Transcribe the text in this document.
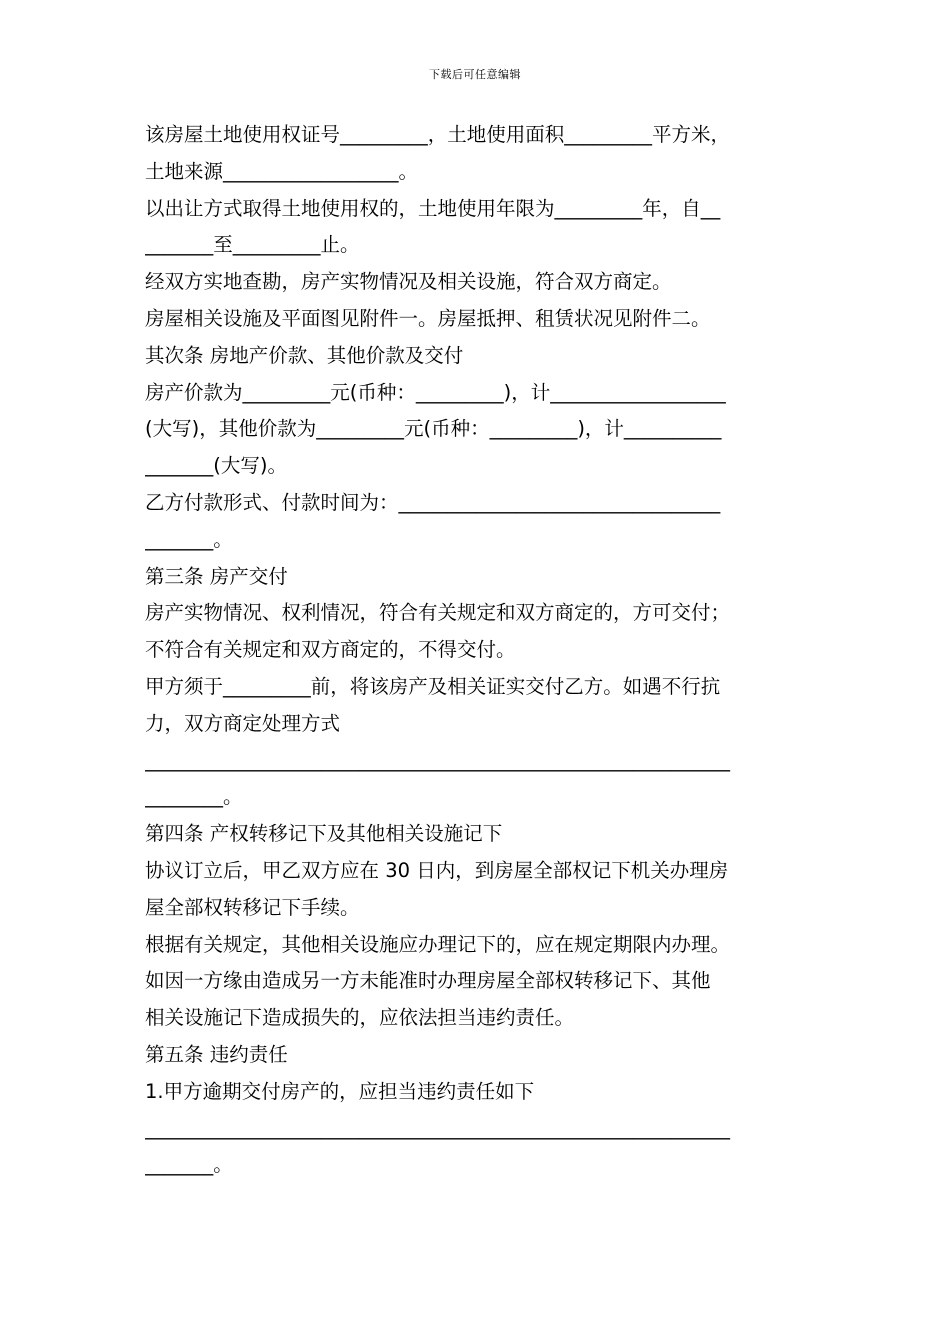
下载后可任意编辑
该房屋土地使用权证号_________，土地使用面积_________平方米，
土地来源__________________。
以出让方式取得土地使用权的，土地使用年限为_________年，自__
_______至_________止。
经双方实地查勘，房产实物情况及相关设施，符合双方商定。
房屋相关设施及平面图见附件一。房屋抵押、租赁状况见附件二。
其次条 房地产价款、其他价款及交付
房产价款为_________元(币种：_________)，计__________________
(大写)，其他价款为_________元(币种：_________)，计__________
_______(大写)。
乙方付款形式、付款时间为：_________________________________
_______。
第三条 房产交付
房产实物情况、权利情况，符合有关规定和双方商定的，方可交付；
不符合有关规定和双方商定的，不得交付。
甲方须于_________前，将该房产及相关证实交付乙方。如遇不行抗
力，双方商定处理方式
____________________________________________________________
________。
第四条 产权转移记下及其他相关设施记下
协议订立后，甲乙双方应在 30 日内，到房屋全部权记下机关办理房
屋全部权转移记下手续。
根据有关规定，其他相关设施应办理记下的，应在规定期限内办理。
如因一方缘由造成另一方未能准时办理房屋全部权转移记下、其他
相关设施记下造成损失的，应依法担当违约责任。
第五条 违约责任
1.甲方逾期交付房产的，应担当违约责任如下
____________________________________________________________
_______。
